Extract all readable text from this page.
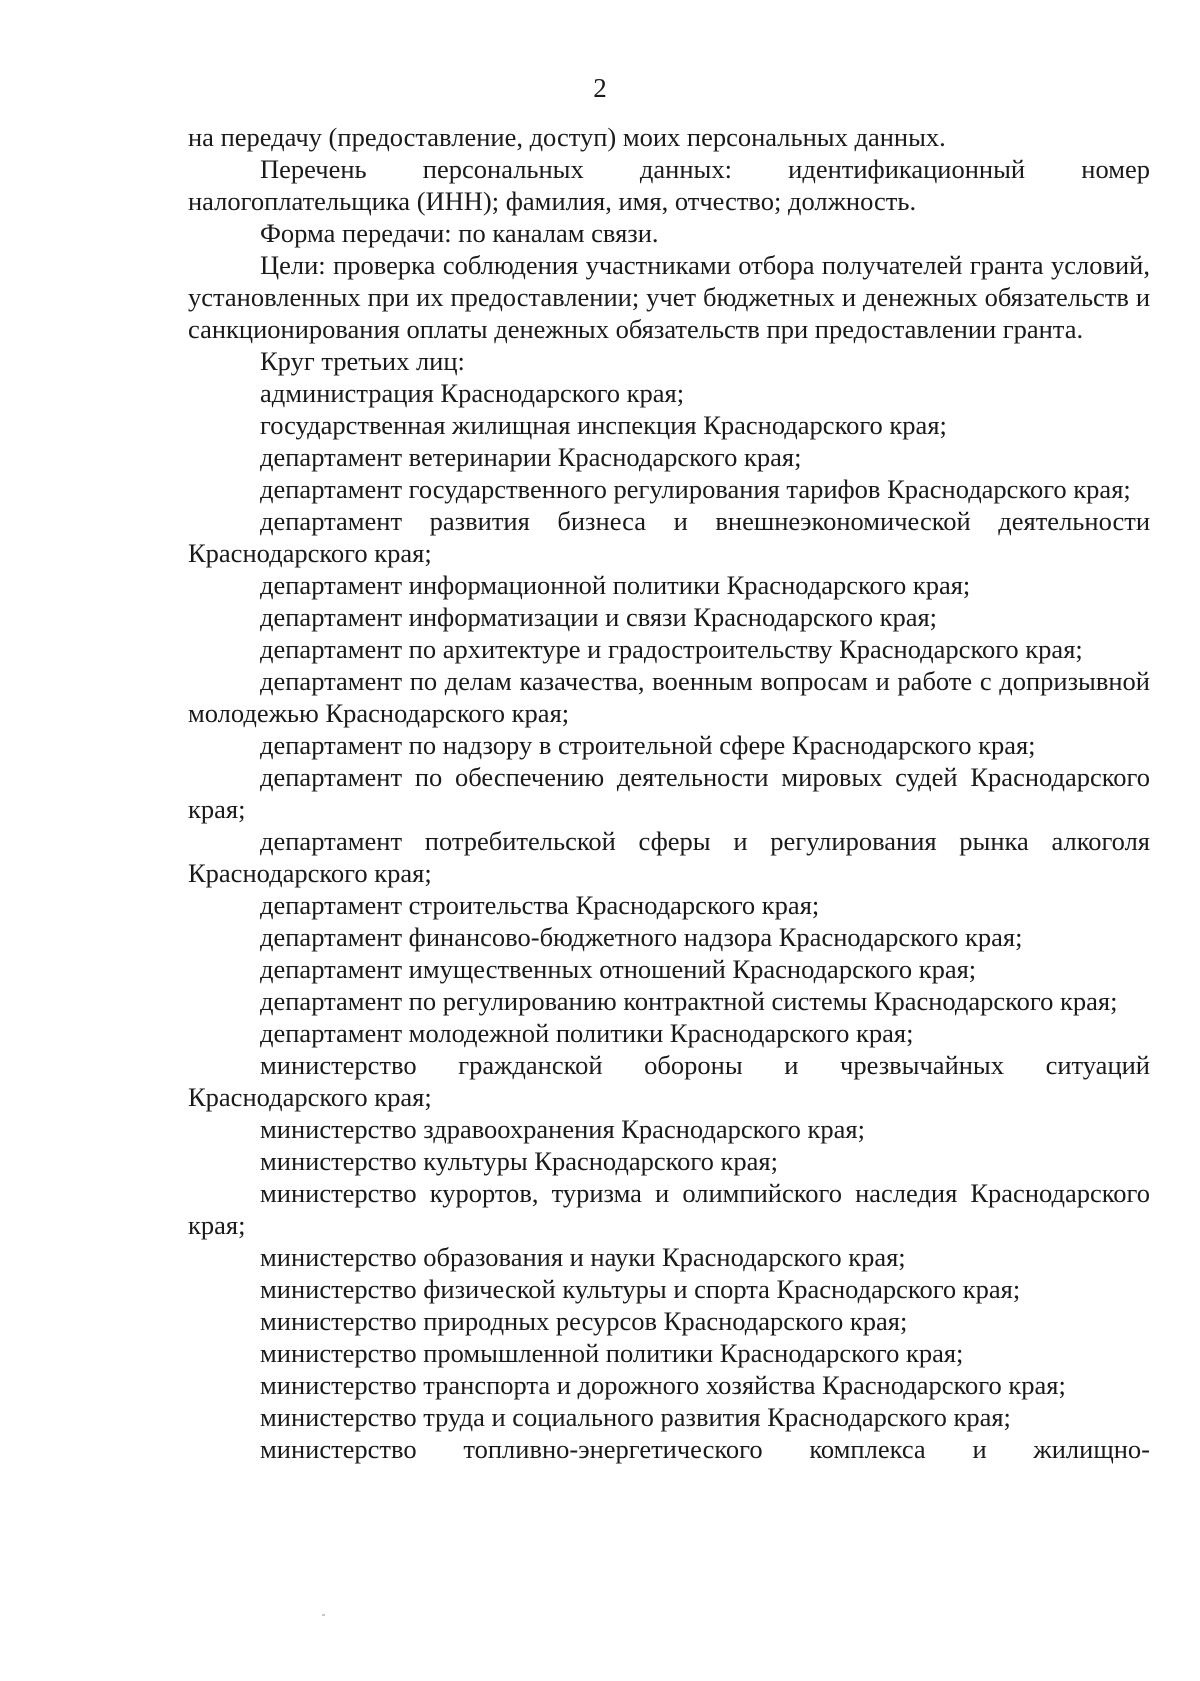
2

на передачу (предоставление, доступ) моих персональных данных.

Перечень персональных данных: идентификационный номер налогоплательщика (ИНН); фамилия, имя, отчество; должность.

Форма передачи: по каналам связи.

Цели: проверка соблюдения участниками отбора получателей гранта условий, установленных при их предоставлении; учет бюджетных и денежных обязательств и санкционирования оплаты денежных обязательств при предоставлении гранта.

Круг третьих лиц:

администрация Краснодарского края;

государственная жилищная инспекция Краснодарского края;

департамент ветеринарии Краснодарского края;

департамент государственного регулирования тарифов Краснодарского края;

департамент развития бизнеса и внешнеэкономической деятельности Краснодарского края;

департамент информационной политики Краснодарского края;

департамент информатизации и связи Краснодарского края;

департамент по архитектуре и градостроительству Краснодарского края;

департамент по делам казачества, военным вопросам и работе с допризывной молодежью Краснодарского края;

департамент по надзору в строительной сфере Краснодарского края;

департамент по обеспечению деятельности мировых судей Краснодарского края;

департамент потребительской сферы и регулирования рынка алкоголя Краснодарского края;

департамент строительства Краснодарского края;

департамент финансово-бюджетного надзора Краснодарского края;

департамент имущественных отношений Краснодарского края;

департамент по регулированию контрактной системы Краснодарского края;

департамент молодежной политики Краснодарского края;

министерство гражданской обороны и чрезвычайных ситуаций Краснодарского края;

министерство здравоохранения Краснодарского края;

министерство культуры Краснодарского края;

министерство курортов, туризма и олимпийского наследия Краснодарского края;

министерство образования и науки Краснодарского края;

министерство физической культуры и спорта Краснодарского края;

министерство природных ресурсов Краснодарского края;

министерство промышленной политики Краснодарского края;

министерство транспорта и дорожного хозяйства Краснодарского края;

министерство труда и социального развития Краснодарского края;

министерство топливно-энергетического комплекса и жилищно-
